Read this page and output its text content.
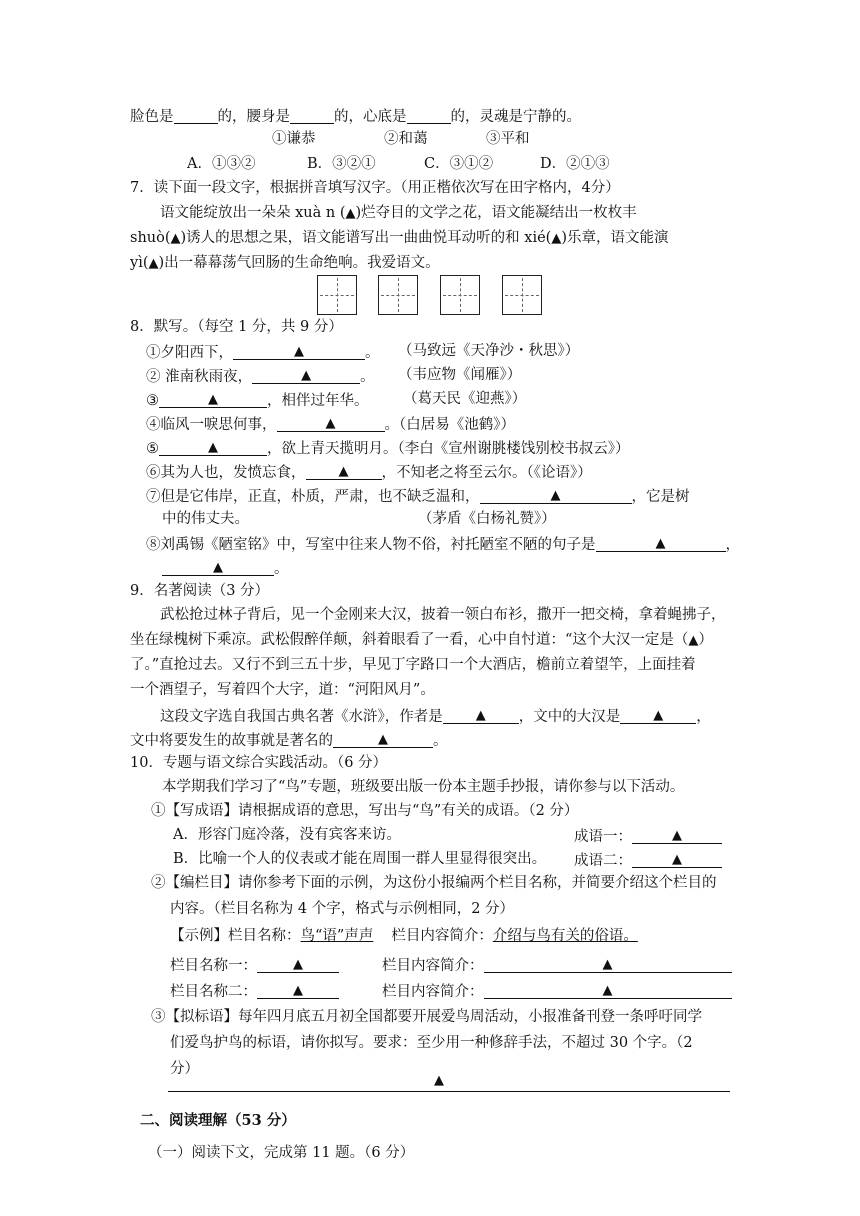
脸色是	的，腰身是	的，心底是	的，灵魂是宁静的。
①谦恭	②和蔼	③平和
A．①③②	B．③②①	C．③①②	D．②①③
7．读下面一段文字，根据拼音填写汉字。（用正楷依次写在田字格内，4分）
语文能绽放出一朵朵 xuà n (▲)烂夺目的文学之花，语文能凝结出一枚枚丰
shuò(▲)诱人的思想之果，语文能谱写出一曲曲悦耳动听的和 xié(▲)乐章，语文能演
yì(▲)出一幕幕荡气回肠的生命绝响。我爱语文。
8．默写。（每空 1 分，共 9 分）
①夕阳西下， ▲	。 （马致远《天净沙・秋思》）
② 淮南秋雨夜， ▲	。 （韦应物《闻雁》）
③ ▲	，相伴过年华。 （葛天民《迎燕》）
④临风一唳思何事， ▲	。（白居易《池鹤》）
⑤ ▲	，欲上青天揽明月。（李白《宣州谢朓楼饯别校书叔云》）
⑥其为人也，发愤忘食， ▲	，不知老之将至云尔。（《论语》）
⑦但是它伟岸，正直，朴质，严肃，也不缺乏温和， ▲	，它是树
中的伟丈夫。	（茅盾《白杨礼赞》）
⑧刘禹锡《陋室铭》中，写室中往来人物不俗，衬托陋室不陋的句子是 ▲	，
▲。
9．名著阅读（3 分）
武松抢过林子背后，见一个金刚来大汉，披着一领白布衫，撒开一把交椅，拿着蝇拂子，
坐在绿槐树下乘凉。武松假醉佯颠，斜着眼看了一看，心中自忖道：“这个大汉一定是（▲）
了。”直抢过去。又行不到三五十步，早见丁字路口一个大酒店，檐前立着望竿，上面挂着
一个酒望子，写着四个大字，道：“河阳风月”。
这段文字选自我国古典名著《水浒》，作者是 ▲	，文中的大汉是 ▲	，
文中将要发生的故事就是著名的 ▲	。
10．专题与语文综合实践活动。（6 分）
本学期我们学习了“鸟”专题，班级要出版一份本主题手抄报，请你参与以下活动。
①【写成语】请根据成语的意思，写出与“鸟”有关的成语。（2 分）
A．形容门庭冷落，没有宾客来访。	成语一：▲
B．比喻一个人的仪表或才能在周围一群人里显得很突出。 成语二：▲
②【编栏目】请你参考下面的示例，为这份小报编两个栏目名称，并简要介绍这个栏目的
内容。（栏目名称为 4 个字，格式与示例相同，2 分）
【示例】栏目名称：鸟“语”声声 栏目内容简介：介绍与鸟有关的俗语。
栏目名称一： ▲	栏目内容简介：▲
栏目名称二： ▲	栏目内容简介：▲
③【拟标语】每年四月底五月初全国都要开展爱鸟周活动，小报准备刊登一条呼吁同学
们爱鸟护鸟的标语，请你拟写。要求：至少用一种修辞手法，不超过 30 个字。（2
分）
▲
二、阅读理解（53 分）
（一）阅读下文，完成第 11 题。（6 分）
